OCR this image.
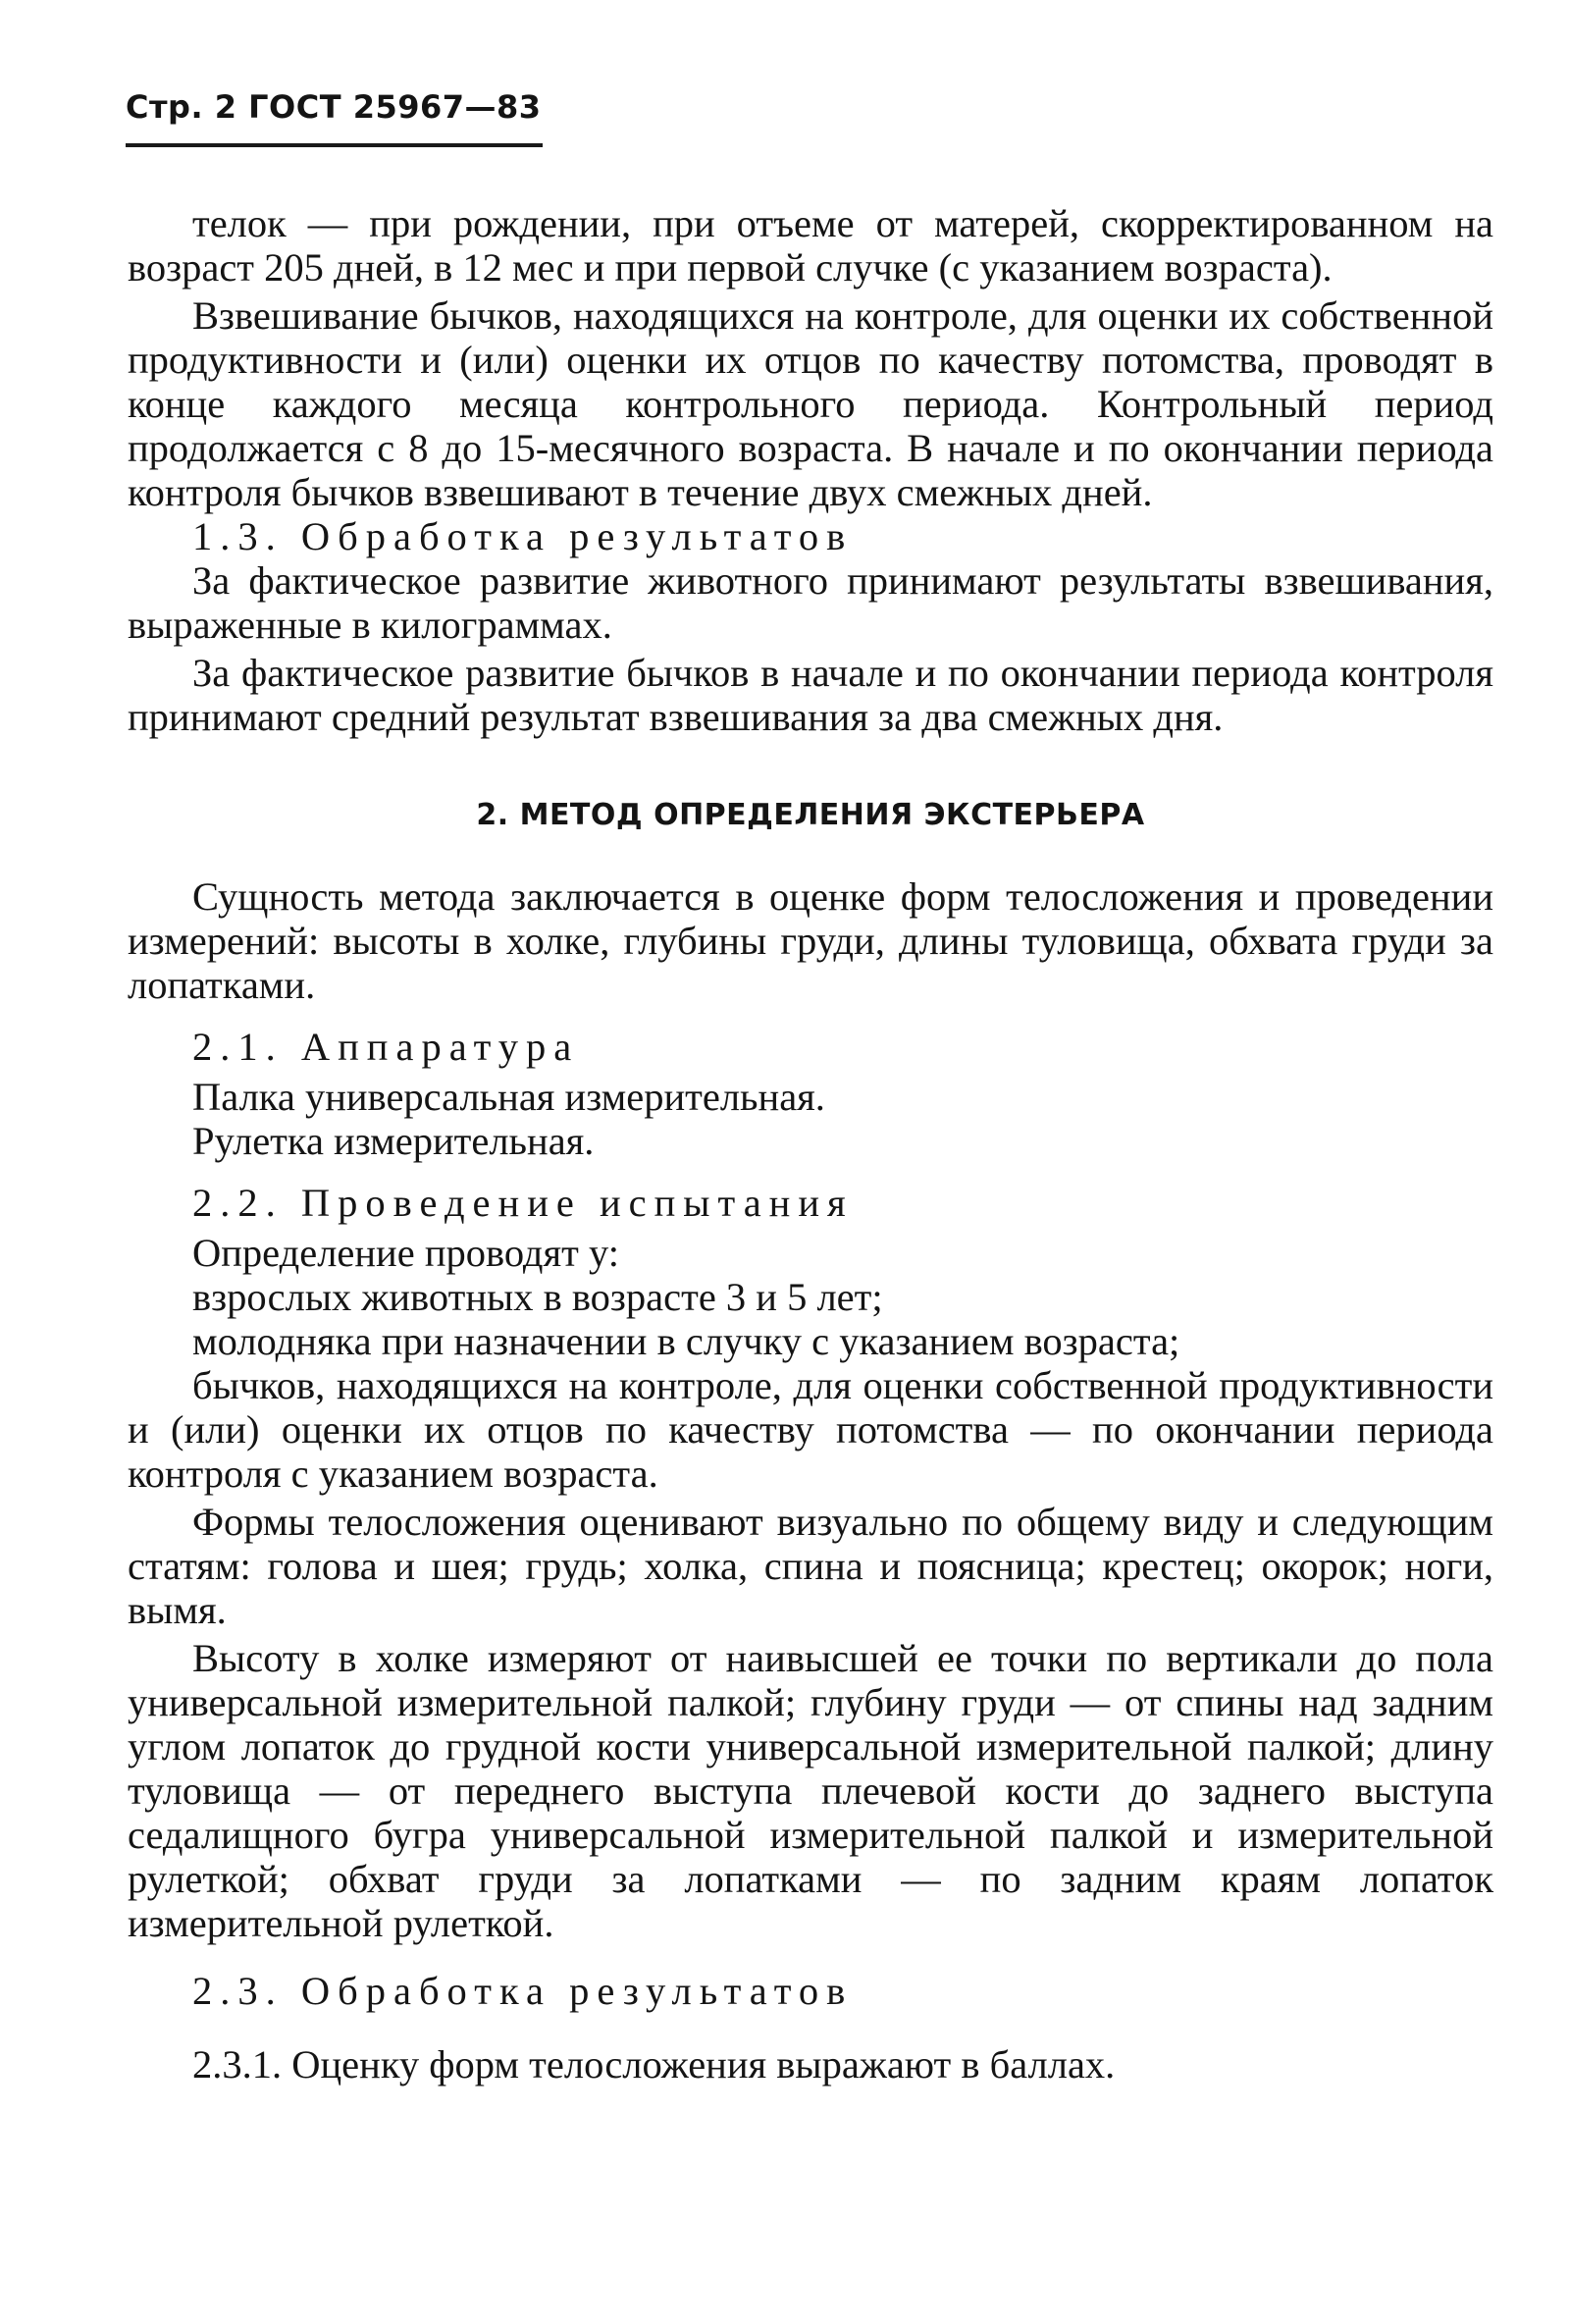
Стр. 2 ГОСТ 25967—83

телок — при рождении, при отъеме от матерей, скорректированном на возраст 205 дней, в 12 мес и при первой случке (с указанием возраста).

Взвешивание бычков, находящихся на контроле, для оценки их собственной продуктивности и (или) оценки их отцов по качеству потомства, проводят в конце каждого месяца контрольного периода. Контрольный период продолжается с 8 до 15-месячного возраста. В начале и по окончании периода контроля бычков взвешивают в течение двух смежных дней.

1.3. Обработка результатов

За фактическое развитие животного принимают результаты взвешивания, выраженные в килограммах.

За фактическое развитие бычков в начале и по окончании периода контроля принимают средний результат взвешивания за два смежных дня.

2. МЕТОД ОПРЕДЕЛЕНИЯ ЭКСТЕРЬЕРА

Сущность метода заключается в оценке форм телосложения и проведении измерений: высоты в холке, глубины груди, длины туловища, обхвата груди за лопатками.

2.1. Аппаратура

Палка универсальная измерительная.

Рулетка измерительная.

2.2. Проведение испытания

Определение проводят у:

взрослых животных в возрасте 3 и 5 лет;

молодняка при назначении в случку с указанием возраста;

бычков, находящихся на контроле, для оценки собственной продуктивности и (или) оценки их отцов по качеству потомства — по окончании периода контроля с указанием возраста.

Формы телосложения оценивают визуально по общему виду и следующим статям: голова и шея; грудь; холка, спина и поясница; крестец; окорок; ноги, вымя.

Высоту в холке измеряют от наивысшей ее точки по вертикали до пола универсальной измерительной палкой; глубину груди — от спины над задним углом лопаток до грудной кости универсальной измерительной палкой; длину туловища — от переднего выступа плечевой кости до заднего выступа седалищного бугра универсальной измерительной палкой и измерительной рулеткой; обхват груди за лопатками — по задним краям лопаток измерительной рулеткой.

2.3. Обработка результатов

2.3.1. Оценку форм телосложения выражают в баллах.
